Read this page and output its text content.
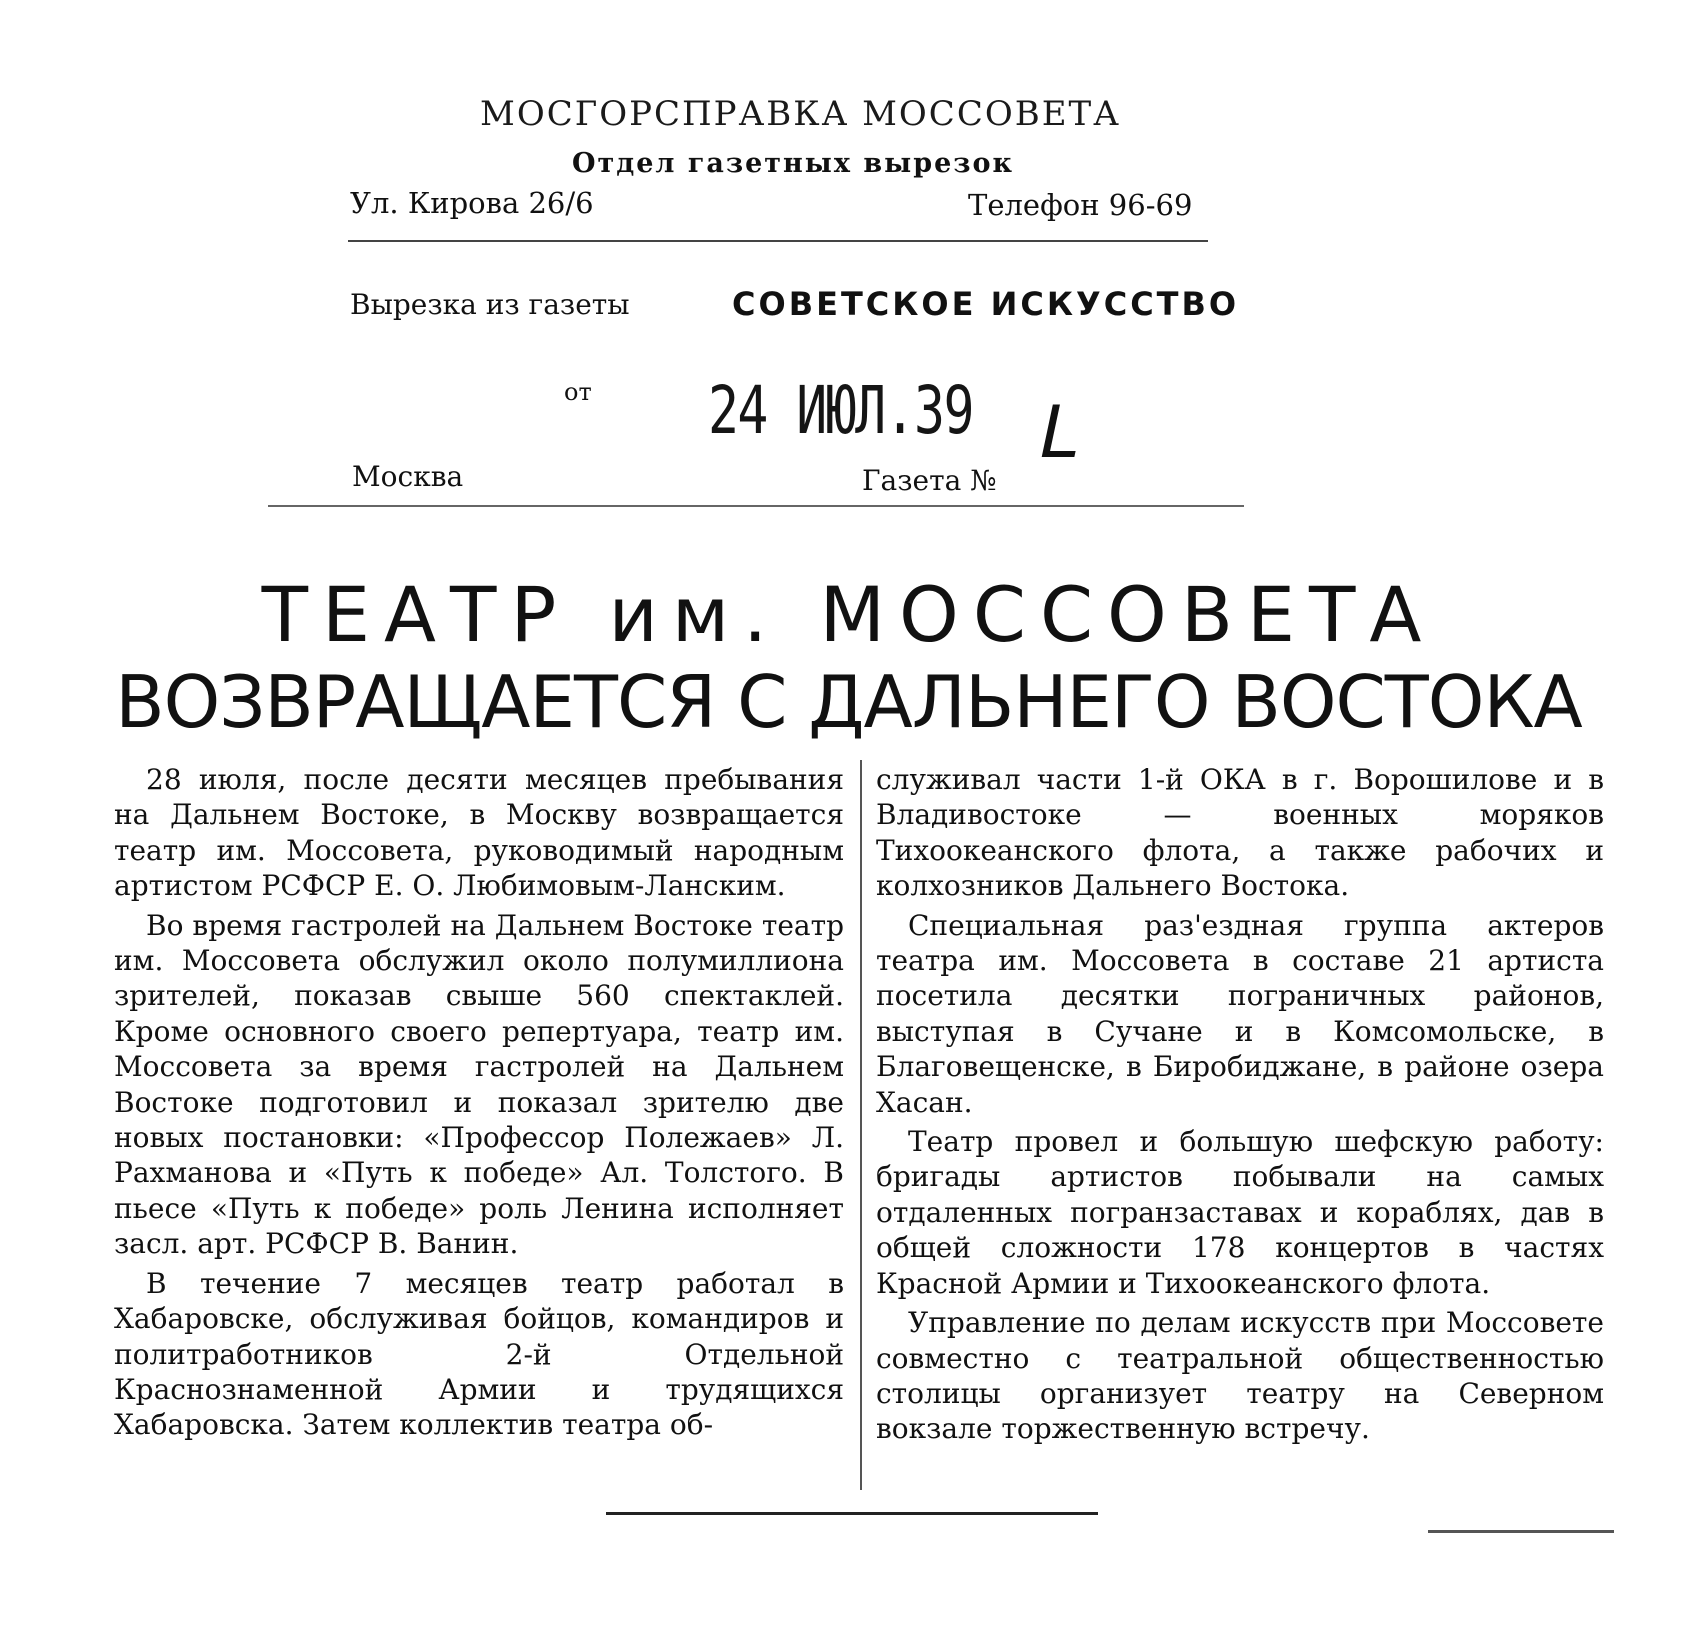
МОСГОРСПРАВКА МОССОВЕТА
Отдел газетных вырезок
Ул. Кирова 26/6	Телефон 96-69
Вырезка из газеты	СОВЕТСКОЕ ИСКУССТВО
от 24 ИЮЛ.39 L
Москва	Газета №
ТЕАТР им. МОССОВЕТА
ВОЗВРАЩАЕТСЯ С ДАЛЬНЕГО ВОСТОКА

28 июля, после десяти месяцев пребывания на Дальнем Востоке, в Москву возвращается театр им. Моссовета, руководимый народным артистом РСФСР Е. О. Любимовым-Ланским.

Во время гастролей на Дальнем Востоке театр им. Моссовета обслужил около полумиллиона зрителей, показав свыше 560 спектаклей. Кроме основного своего репертуара, театр им. Моссовета за время гастролей на Дальнем Востоке подготовил и показал зрителю две новых постановки: «Профессор Полежаев» Л. Рахманова и «Путь к победе» Ал. Толстого. В пьесе «Путь к победе» роль Ленина исполняет засл. арт. РСФСР В. Ванин.

В течение 7 месяцев театр работал в Хабаровске, обслуживая бойцов, командиров и политработников 2-й Отдельной Краснознаменной Армии и трудящихся Хабаровска. Затем коллектив театра об-

служивал части 1-й ОКА в г. Ворошилове и в Владивостоке — военных моряков Тихоокеанского флота, а также рабочих и колхозников Дальнего Востока.

Специальная раз'ездная группа актеров театра им. Моссовета в составе 21 артиста посетила десятки пограничных районов, выступая в Сучане и в Комсомольске, в Благовещенске, в Биробиджане, в районе озера Хасан.

Театр провел и большую шефскую работу: бригады артистов побывали на самых отдаленных погранзаставах и кораблях, дав в общей сложности 178 концертов в частях Красной Армии и Тихоокеанского флота.

Управление по делам искусств при Моссовете совместно с театральной общественностью столицы организует театру на Северном вокзале торжественную встречу.
